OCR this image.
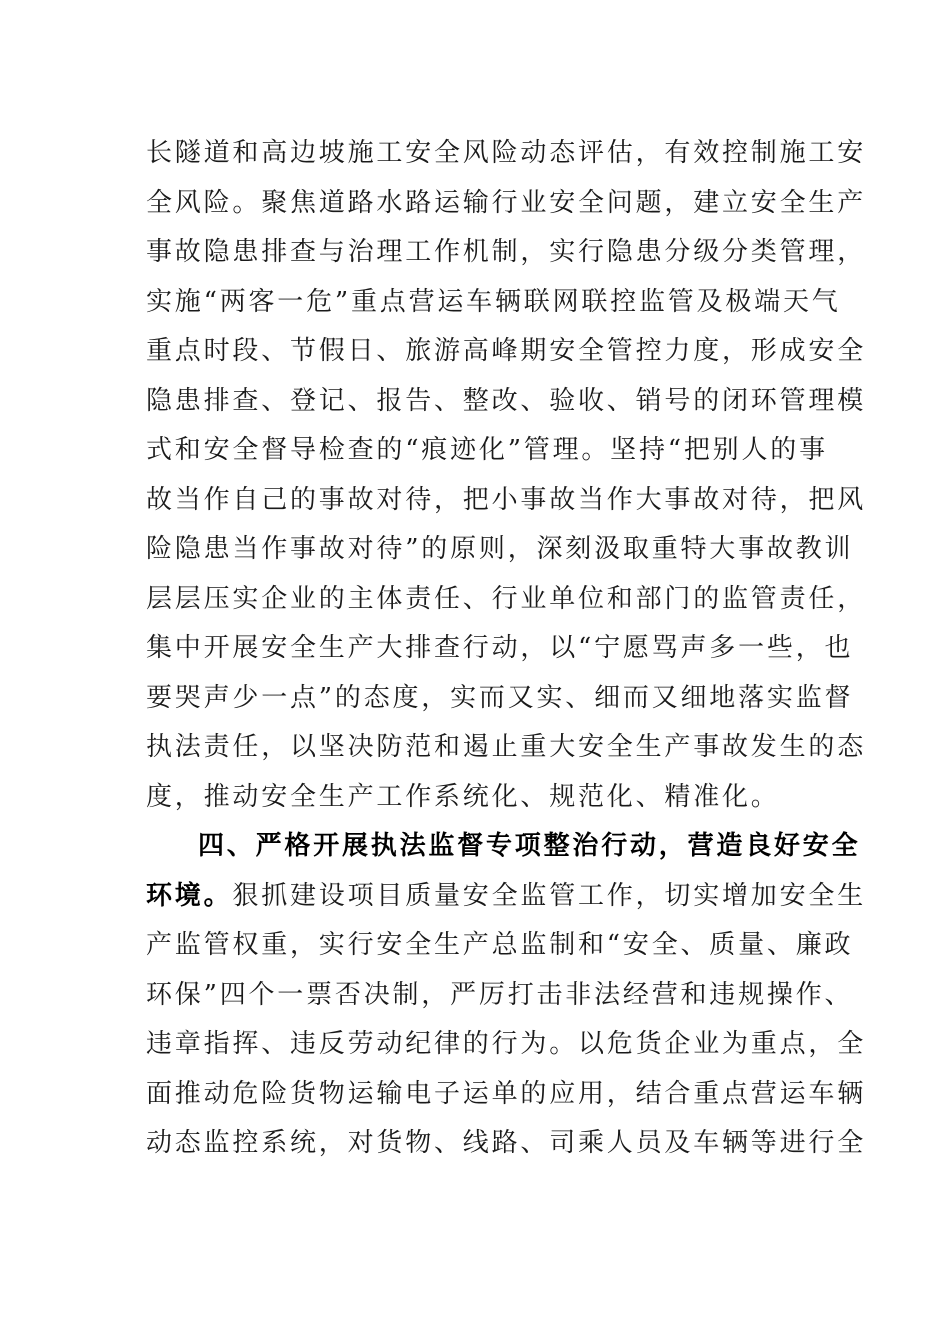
长隧道和高边坡施工安全风险动态评估，有效控制施工安
全风险。聚焦道路水路运输行业安全问题，建立安全生产
事故隐患排查与治理工作机制，实行隐患分级分类管理，
实施“两客一危”重点营运车辆联网联控监管及极端天气
重点时段、节假日、旅游高峰期安全管控力度，形成安全
隐患排查、登记、报告、整改、验收、销号的闭环管理模
式和安全督导检查的“痕迹化”管理。坚持“把别人的事
故当作自己的事故对待，把小事故当作大事故对待，把风
险隐患当作事故对待”的原则，深刻汲取重特大事故教训
层层压实企业的主体责任、行业单位和部门的监管责任，
集中开展安全生产大排查行动，以“宁愿骂声多一些，也
要哭声少一点”的态度，实而又实、细而又细地落实监督
执法责任，以坚决防范和遏止重大安全生产事故发生的态
度，推动安全生产工作系统化、规范化、精准化。
四、严格开展执法监督专项整治行动，营造良好安全
环境。狠抓建设项目质量安全监管工作，切实增加安全生
产监管权重，实行安全生产总监制和“安全、质量、廉政
环保”四个一票否决制，严厉打击非法经营和违规操作、
违章指挥、违反劳动纪律的行为。以危货企业为重点，全
面推动危险货物运输电子运单的应用，结合重点营运车辆
动态监控系统，对货物、线路、司乘人员及车辆等进行全
